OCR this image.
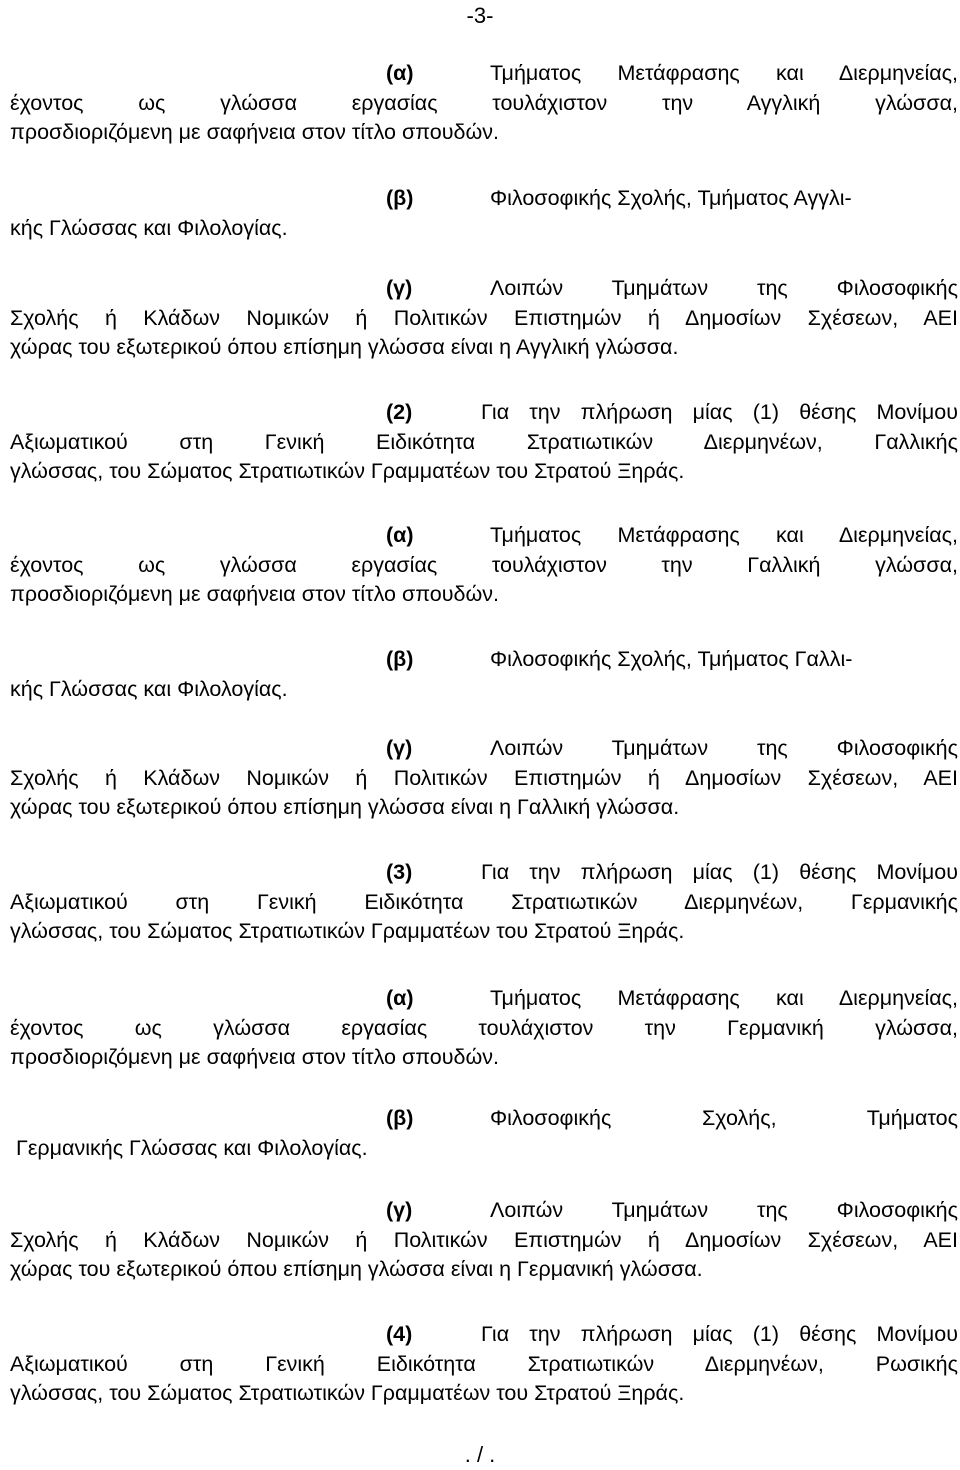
-3-
(α)	Τμήματος Μετάφρασης και Διερμηνείας,
έχοντος ως γλώσσα εργασίας τουλάχιστον την Αγγλική γλώσσα,
προσδιοριζόμενη με σαφήνεια στον τίτλο σπουδών.
(β)	Φιλοσοφικής Σχολής, Τμήματος Αγγλι-
κής Γλώσσας και Φιλολογίας.
(γ)	Λοιπών Τμημάτων της Φιλοσοφικής
Σχολής ή Κλάδων Νομικών ή Πολιτικών Επιστημών ή Δημοσίων Σχέσεων, ΑΕΙ
χώρας του εξωτερικού όπου επίσημη γλώσσα είναι η Αγγλική γλώσσα.
(2)	Για την πλήρωση μίας (1) θέσης Μονίμου
Αξιωματικού στη Γενική Ειδικότητα Στρατιωτικών Διερμηνέων, Γαλλικής
γλώσσας, του Σώματος Στρατιωτικών Γραμματέων του Στρατού Ξηράς.
(α)	Τμήματος Μετάφρασης και Διερμηνείας,
έχοντος ως γλώσσα εργασίας τουλάχιστον την Γαλλική γλώσσα,
προσδιοριζόμενη με σαφήνεια στον τίτλο σπουδών.
(β)	Φιλοσοφικής Σχολής, Τμήματος Γαλλι-
κής Γλώσσας και Φιλολογίας.
(γ)	Λοιπών Τμημάτων της Φιλοσοφικής
Σχολής ή Κλάδων Νομικών ή Πολιτικών Επιστημών ή Δημοσίων Σχέσεων, ΑΕΙ
χώρας του εξωτερικού όπου επίσημη γλώσσα είναι η Γαλλική γλώσσα.
(3)	Για την πλήρωση μίας (1) θέσης Μονίμου
Αξιωματικού στη Γενική Ειδικότητα Στρατιωτικών Διερμηνέων, Γερμανικής
γλώσσας, του Σώματος Στρατιωτικών Γραμματέων του Στρατού Ξηράς.
(α)	Τμήματος Μετάφρασης και Διερμηνείας,
έχοντος ως γλώσσα εργασίας τουλάχιστον την Γερμανική γλώσσα,
προσδιοριζόμενη με σαφήνεια στον τίτλο σπουδών.
(β)	Φιλοσοφικής Σχολής, Τμήματος
Γερμανικής Γλώσσας και Φιλολογίας.
(γ)	Λοιπών Τμημάτων της Φιλοσοφικής
Σχολής ή Κλάδων Νομικών ή Πολιτικών Επιστημών ή Δημοσίων Σχέσεων, ΑΕΙ
χώρας του εξωτερικού όπου επίσημη γλώσσα είναι η Γερμανική γλώσσα.
(4)	Για την πλήρωση μίας (1) θέσης Μονίμου
Αξιωματικού στη Γενική Ειδικότητα Στρατιωτικών Διερμηνέων, Ρωσικής
γλώσσας, του Σώματος Στρατιωτικών Γραμματέων του Στρατού Ξηράς.
. / .
